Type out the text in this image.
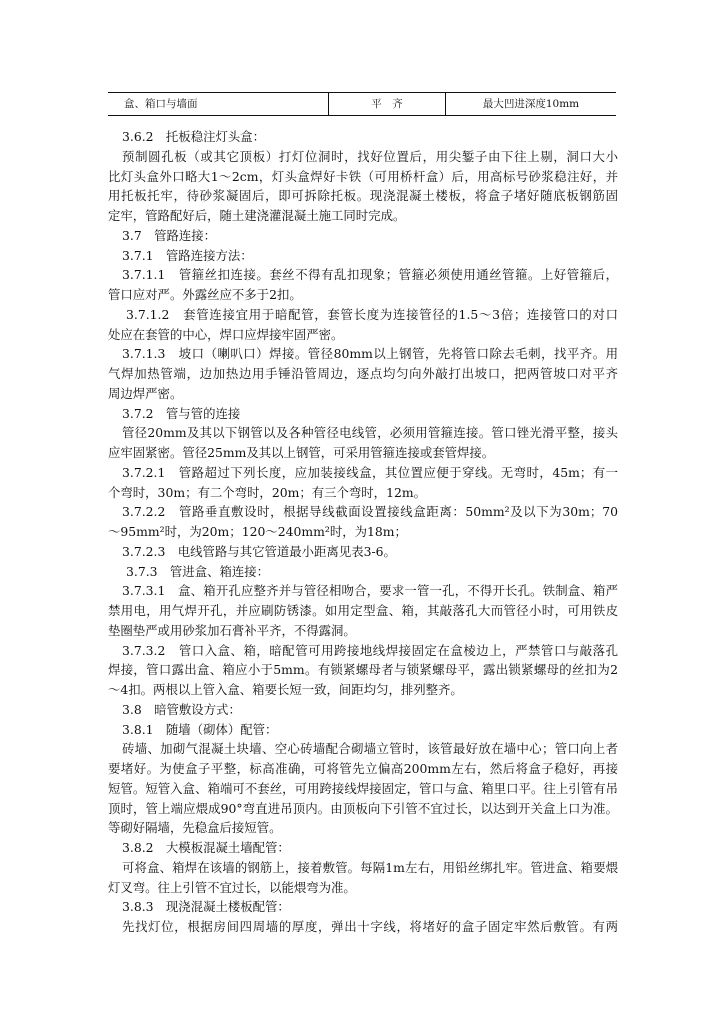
盒、箱口与墙面	平　齐	最大凹进深度10mm
3.6.2　托板稳注灯头盒：
预制圆孔板（或其它顶板）打灯位洞时，找好位置后，用尖錾子由下往上剔，洞口大小
比灯头盒外口略大1～2cm，灯头盒焊好卡铁（可用桥杆盒）后，用高标号砂浆稳注好，并
用托板托牢，待砂浆凝固后，即可拆除托板。现浇混凝土楼板，将盒子堵好随底板钢筋固
定牢，管路配好后，随土建浇灌混凝土施工同时完成。
3.7　管路连接：
3.7.1　管路连接方法：
3.7.1.1　管箍丝扣连接。套丝不得有乱扣现象；管箍必须使用通丝管箍。上好管箍后，
管口应对严。外露丝应不多于2扣。
3.7.1.2　套管连接宜用于暗配管，套管长度为连接管径的1.5～3倍；连接管口的对口
处应在套管的中心，焊口应焊接牢固严密。
3.7.1.3　坡口（喇叭口）焊接。管径80mm以上钢管，先将管口除去毛刺，找平齐。用
气焊加热管端，边加热边用手锤沿管周边，逐点均匀向外敲打出坡口，把两管坡口对平齐
周边焊严密。
3.7.2　管与管的连接
管径20mm及其以下钢管以及各种管径电线管，必须用管箍连接。管口锉光滑平整，接头
应牢固紧密。管径25mm及其以上钢管，可采用管箍连接或套管焊接。
3.7.2.1　管路超过下列长度，应加装接线盒，其位置应便于穿线。无弯时，45m；有一
个弯时，30m；有二个弯时，20m；有三个弯时，12m。
3.7.2.2　管路垂直敷设时，根据导线截面设置接线盒距离：50mm²及以下为30m；70
～95mm²时，为20m；120～240mm²时，为18m；
3.7.2.3　电线管路与其它管道最小距离见表3-6。
3.7.3　管进盒、箱连接：
3.7.3.1　盒、箱开孔应整齐并与管径相吻合，要求一管一孔，不得开长孔。铁制盒、箱严
禁用电，用气焊开孔，并应刷防锈漆。如用定型盒、箱，其敲落孔大而管径小时，可用铁皮
垫圈垫严或用砂浆加石膏补平齐，不得露洞。
3.7.3.2　管口入盒、箱，暗配管可用跨接地线焊接固定在盒棱边上，严禁管口与敲落孔
焊接，管口露出盒、箱应小于5mm。有锁紧螺母者与锁紧螺母平，露出锁紧螺母的丝扣为2
～4扣。两根以上管入盒、箱要长短一致，间距均匀，排列整齐。
3.8　暗管敷设方式：
3.8.1　随墙（砌体）配管：
砖墙、加砌气混凝土块墙、空心砖墙配合砌墙立管时，该管最好放在墙中心；管口向上者
要堵好。为使盒子平整，标高准确，可将管先立偏高200mm左右，然后将盒子稳好，再接
短管。短管入盒、箱端可不套丝，可用跨接线焊接固定，管口与盒、箱里口平。往上引管有吊
顶时，管上端应煨成90°弯直进吊顶内。由顶板向下引管不宜过长，以达到开关盒上口为准。
等砌好隔墙，先稳盒后接短管。
3.8.2　大模板混凝土墙配管：
可将盒、箱焊在该墙的钢筋上，接着敷管。每隔1m左右，用铅丝绑扎牢。管进盒、箱要煨
灯叉弯。往上引管不宜过长，以能煨弯为准。
3.8.3　现浇混凝土楼板配管：
先找灯位，根据房间四周墙的厚度，弹出十字线，将堵好的盒子固定牢然后敷管。有两
